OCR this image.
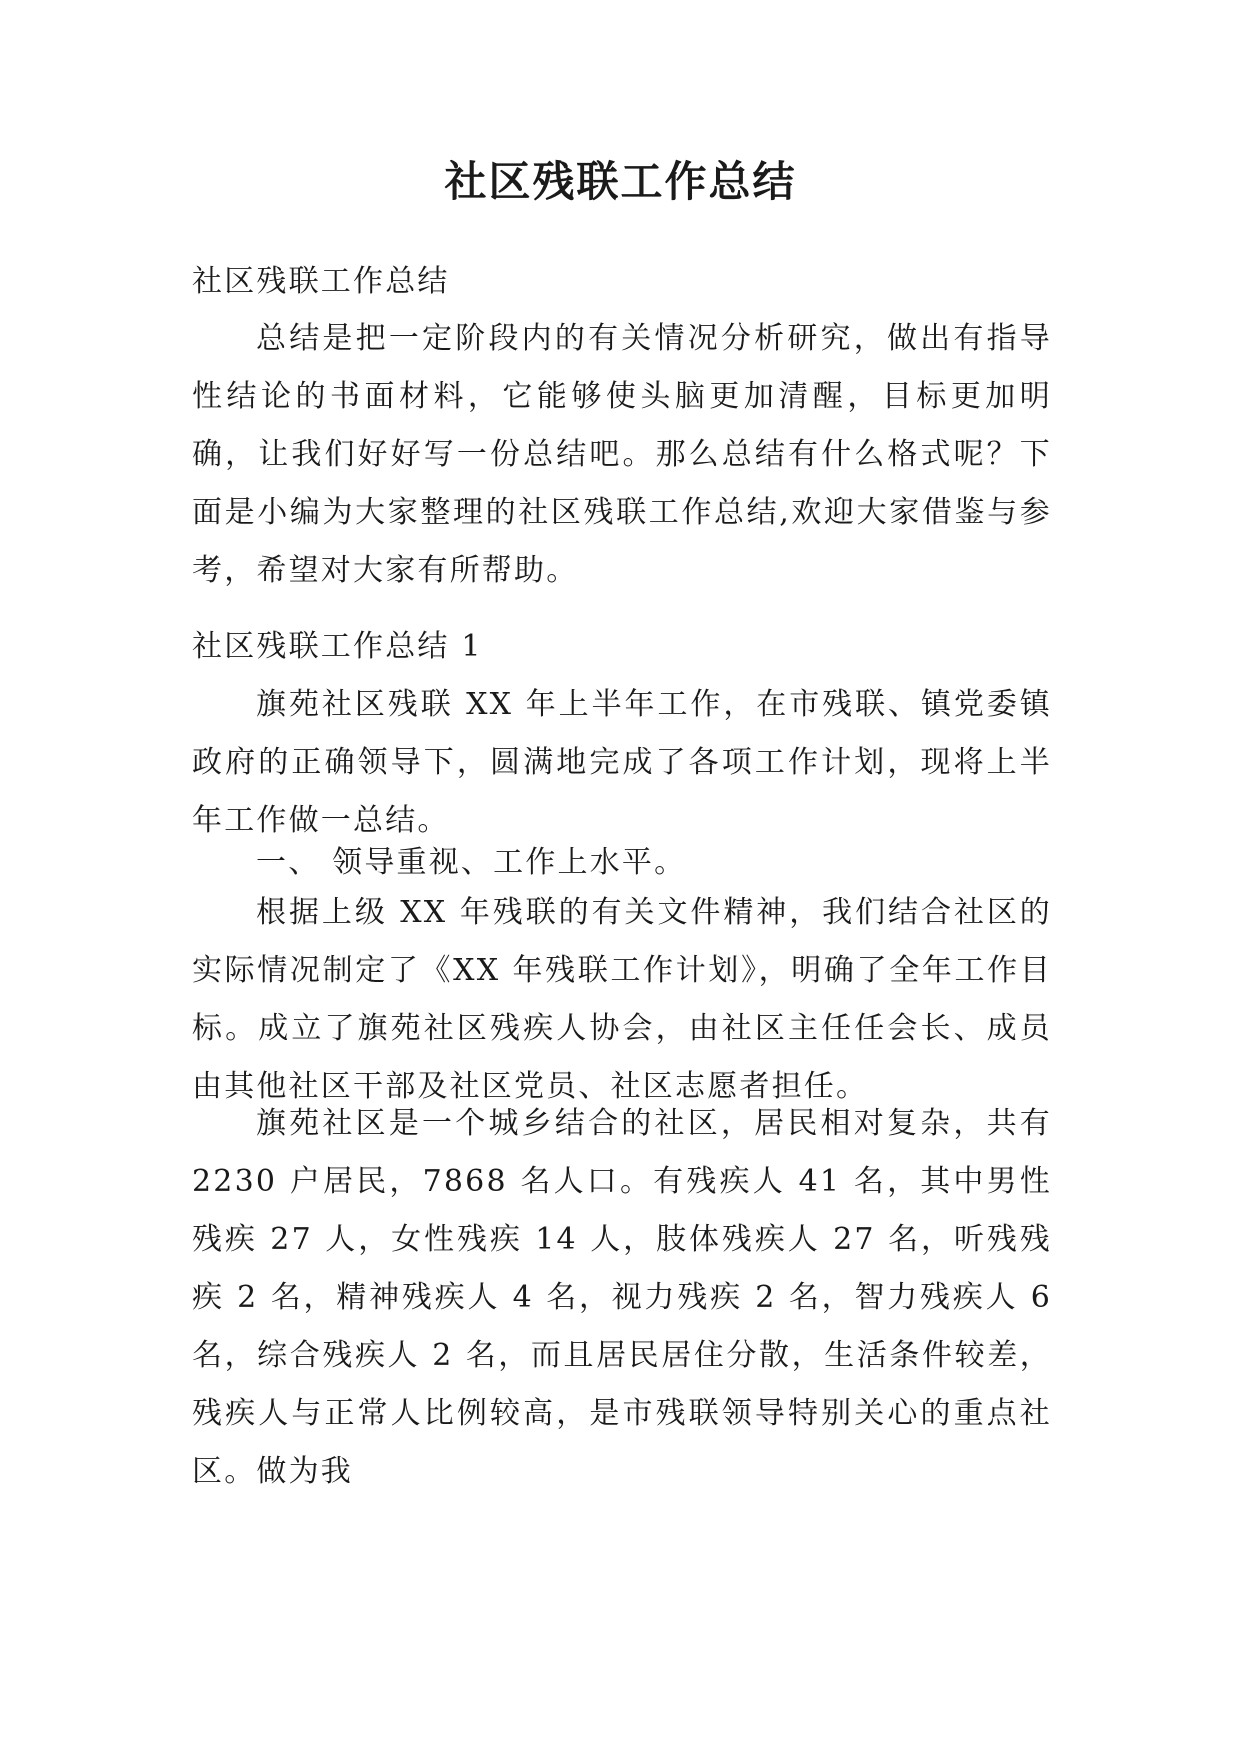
社区残联工作总结

社区残联工作总结

总结是把一定阶段内的有关情况分析研究，做出有指导性结论的书面材料，它能够使头脑更加清醒，目标更加明确，让我们好好写一份总结吧。那么总结有什么格式呢？下面是小编为大家整理的社区残联工作总结,欢迎大家借鉴与参考，希望对大家有所帮助。

社区残联工作总结 1

旗苑社区残联 XX 年上半年工作，在市残联、镇党委镇政府的正确领导下，圆满地完成了各项工作计划，现将上半年工作做一总结。

一、 领导重视、工作上水平。

根据上级 XX 年残联的有关文件精神，我们结合社区的实际情况制定了《XX 年残联工作计划》，明确了全年工作目标。成立了旗苑社区残疾人协会，由社区主任任会长、成员由其他社区干部及社区党员、社区志愿者担任。

旗苑社区是一个城乡结合的社区，居民相对复杂，共有 2230 户居民，7868 名人口。有残疾人 41 名，其中男性残疾 27 人，女性残疾 14 人，肢体残疾人 27 名，听残残疾 2 名，精神残疾人 4 名，视力残疾 2 名，智力残疾人 6 名，综合残疾人 2 名，而且居民居住分散，生活条件较差，残疾人与正常人比例较高，是市残联领导特别关心的重点社区。做为我
